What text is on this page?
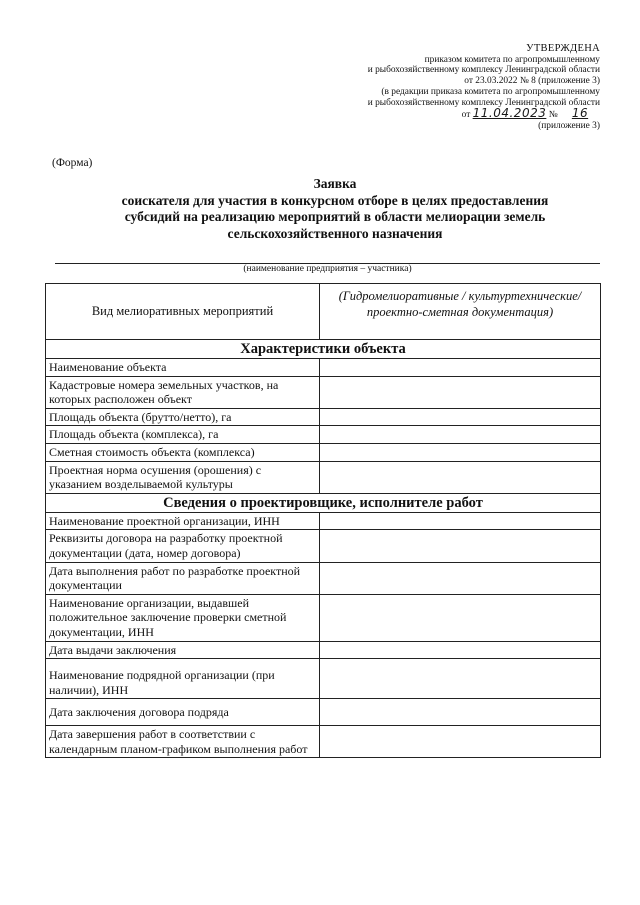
УТВЕРЖДЕНА
приказом комитета по агропромышленному
и рыбохозяйственному комплексу Ленинградской области
от 23.03.2022 № 8 (приложение 3)
(в редакции приказа комитета по агропромышленному
и рыбохозяйственному комплексу Ленинградской области
от 11.04.2023 № 16
(приложение 3)
(Форма)
Заявка
соискателя для участия в конкурсном отборе в целях предоставления
субсидий на реализацию мероприятий в области мелиорации земель
сельскохозяйственного назначения
(наименование предприятия – участника)
Вид мелиоративных мероприятий	(Гидромелиоративные / культуртехнические/проектно-сметная документация)
Характеристики объекта	
Наименование объекта	
Кадастровые номера земельных участков, на которых расположен объект	
Площадь объекта (брутто/нетто), га	
Площадь объекта (комплекса), га	
Сметная стоимость объекта (комплекса)	
Проектная норма осушения (орошения) с указанием возделываемой культуры	
Сведения о проектировщике, исполнителе работ	
Наименование проектной организации, ИНН	
Реквизиты договора на разработку проектной документации (дата, номер договора)	
Дата выполнения работ по разработке проектной документации	
Наименование организации, выдавшей положительное заключение проверки сметной документации, ИНН	
Дата выдачи заключения	
Наименование подрядной организации (при наличии), ИНН	
Дата заключения договора подряда	
Дата завершения работ в соответствии с календарным планом-графиком выполнения работ	
